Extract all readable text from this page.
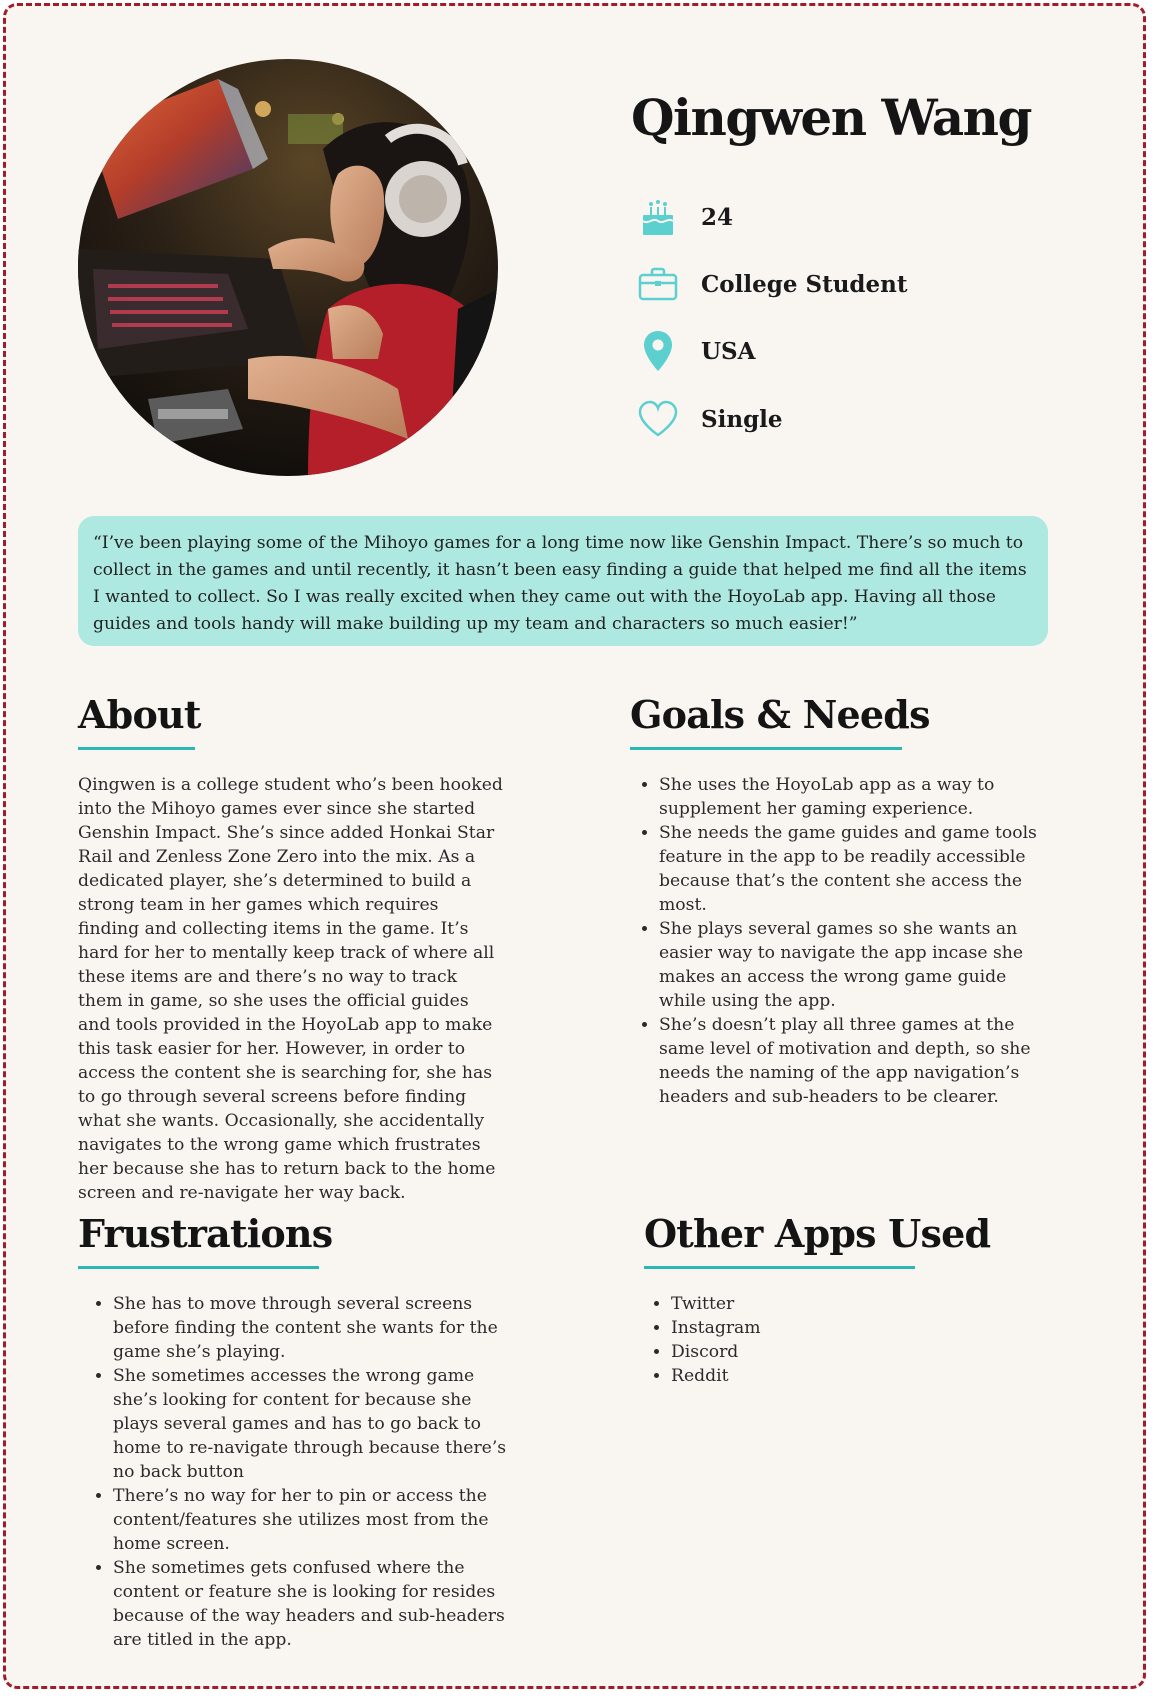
Qingwen Wang
24
College Student
USA
Single
“I’ve been playing some of the Mihoyo games for a long time now like Genshin Impact. There’s so much to collect in the games and until recently, it hasn’t been easy finding a guide that helped me find all the items I wanted to collect. So I was really excited when they came out with the HoyoLab app. Having all those guides and tools handy will make building up my team and characters so much easier!”
About
Qingwen is a college student who’s been hooked into the Mihoyo games ever since she started Genshin Impact. She’s since added Honkai Star Rail and Zenless Zone Zero into the mix. As a dedicated player, she’s determined to build a strong team in her games which requires finding and collecting items in the game. It’s hard for her to mentally keep track of where all these items are and there’s no way to track them in game, so she uses the official guides and tools provided in the HoyoLab app to make this task easier for her. However, in order to access the content she is searching for, she has to go through several screens before finding what she wants. Occasionally, she accidentally navigates to the wrong game which frustrates her because she has to return back to the home screen and re-navigate her way back.
Goals & Needs
• She uses the HoyoLab app as a way to supplement her gaming experience.
• She needs the game guides and game tools feature in the app to be readily accessible because that’s the content she access the most.
• She plays several games so she wants an easier way to navigate the app incase she makes an access the wrong game guide while using the app.
• She’s doesn’t play all three games at the same level of motivation and depth, so she needs the naming of the app navigation’s headers and sub-headers to be clearer.
Frustrations
• She has to move through several screens before finding the content she wants for the game she’s playing.
• She sometimes accesses the wrong game she’s looking for content for because she plays several games and has to go back to home to re-navigate through because there’s no back button
• There’s no way for her to pin or access the content/features she utilizes most from the home screen.
• She sometimes gets confused where the content or feature she is looking for resides because of the way headers and sub-headers are titled in the app.
Other Apps Used
• Twitter
• Instagram
• Discord
• Reddit
